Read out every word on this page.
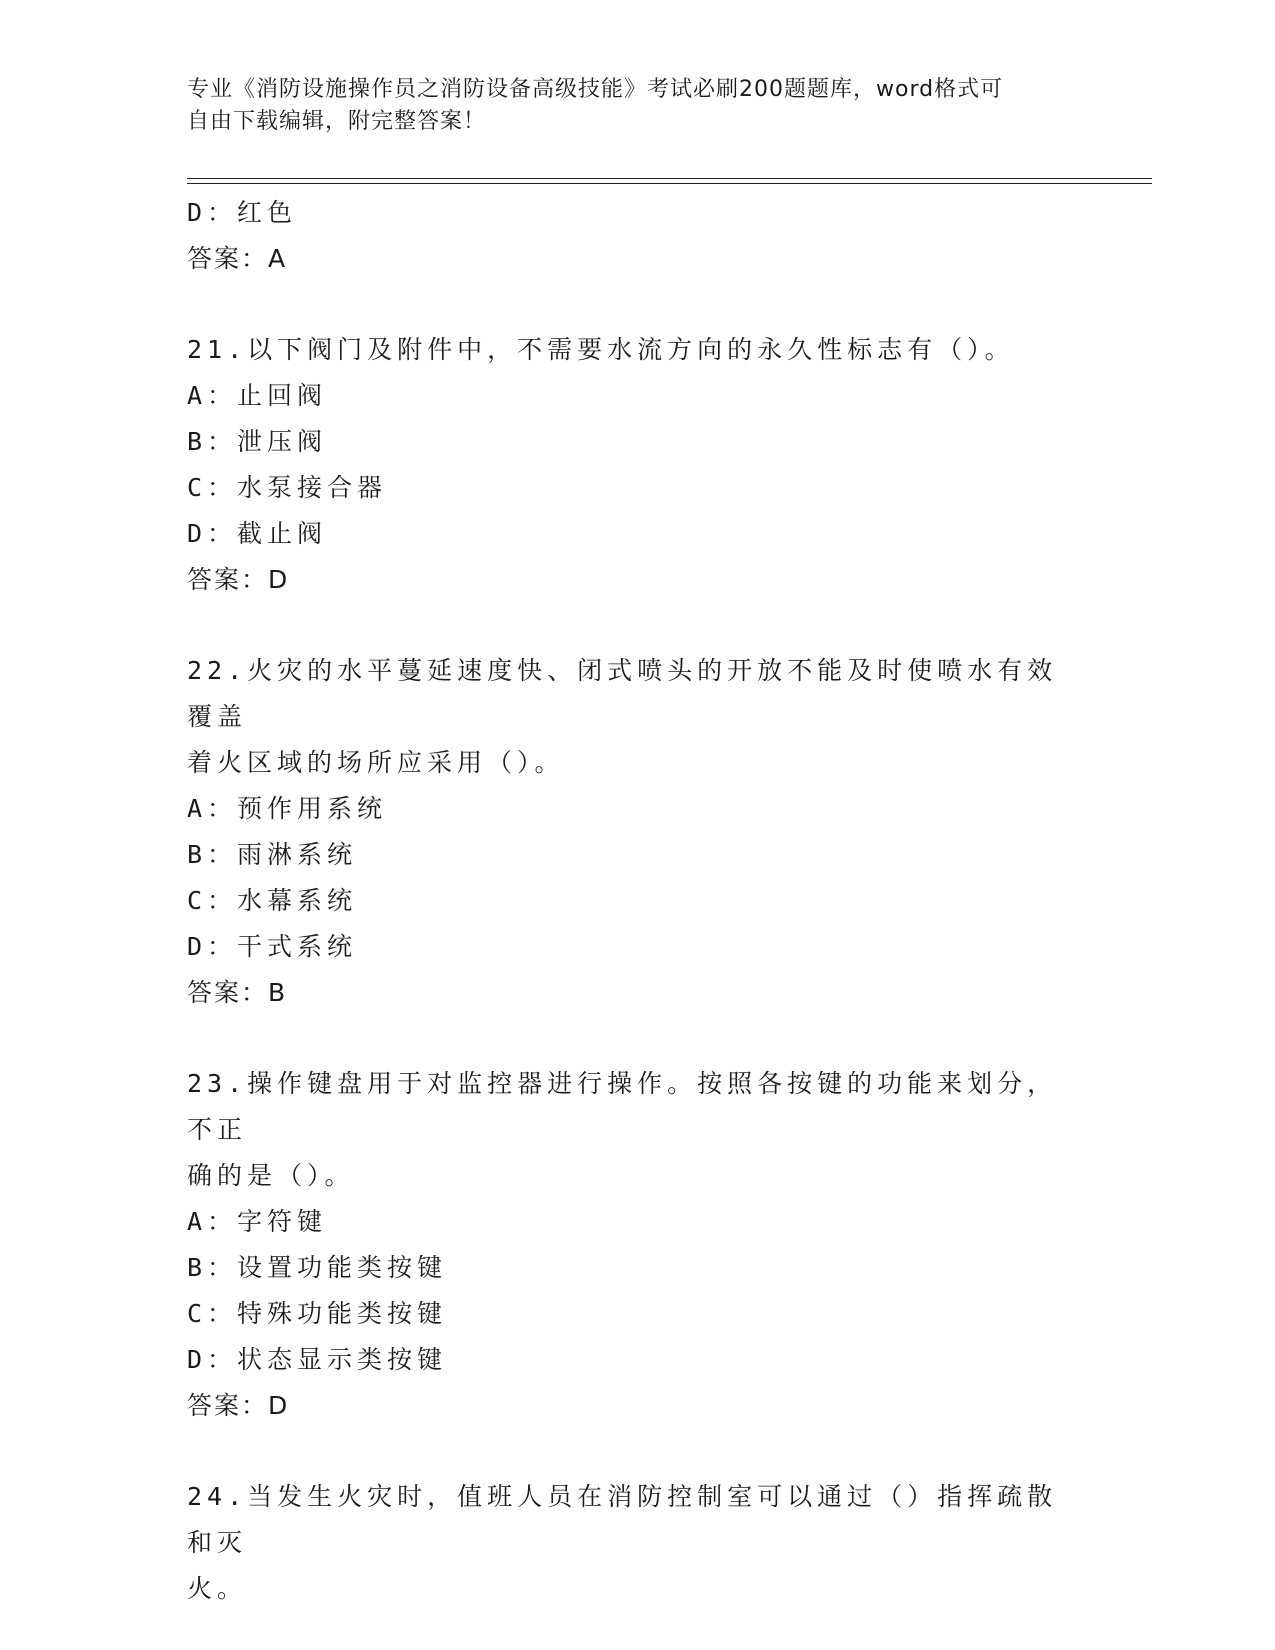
专业《消防设施操作员之消防设备高级技能》考试必刷200题题库，word格式可
自由下载编辑，附完整答案！
D：红色
答案：A
21.以下阀门及附件中，不需要水流方向的永久性标志有（）。
A：止回阀
B：泄压阀
C：水泵接合器
D：截止阀
答案：D
22.火灾的水平蔓延速度快、闭式喷头的开放不能及时使喷水有效覆盖
着火区域的场所应采用（）。
A：预作用系统
B：雨淋系统
C：水幕系统
D：干式系统
答案：B
23.操作键盘用于对监控器进行操作。按照各按键的功能来划分，不正
确的是（）。
A：字符键
B：设置功能类按键
C：特殊功能类按键
D：状态显示类按键
答案：D
24.当发生火灾时，值班人员在消防控制室可以通过（）指挥疏散和灭
火。
